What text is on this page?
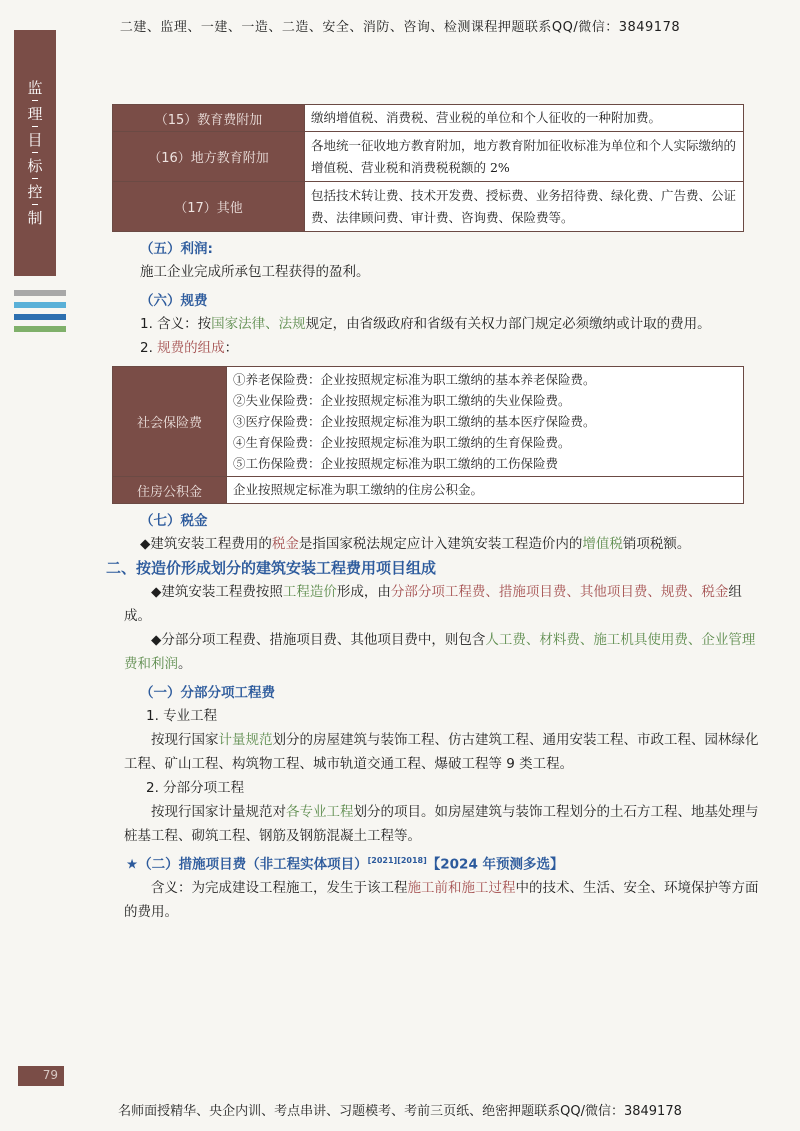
二建、监理、一建、一造、二造、安全、消防、咨询、检测课程押题联系QQ/微信：3849178
监
理
目
标
控
制
（15）教育费附加	缴纳增值税、消费税、营业税的单位和个人征收的一种附加费。
（16）地方教育附加	各地统一征收地方教育附加，地方教育附加征收标准为单位和个人实际缴纳的增值税、营业税和消费税税额的 2%
（17）其他	包括技术转让费、技术开发费、授标费、业务招待费、绿化费、广告费、公证费、法律顾问费、审计费、咨询费、保险费等。
（五）利润:
施工企业完成所承包工程获得的盈利。
（六）规费
1. 含义：按国家法律、法规规定，由省级政府和省级有关权力部门规定必须缴纳或计取的费用。
2. 规费的组成：
社会保险费	①养老保险费：企业按照规定标准为职工缴纳的基本养老保险费。
②失业保险费：企业按照规定标准为职工缴纳的失业保险费。
③医疗保险费：企业按照规定标准为职工缴纳的基本医疗保险费。
④生育保险费：企业按照规定标准为职工缴纳的生育保险费。
⑤工伤保险费：企业按照规定标准为职工缴纳的工伤保险费

住房公积金	企业按照规定标准为职工缴纳的住房公积金。
（七）税金
◆建筑安装工程费用的税金是指国家税法规定应计入建筑安装工程造价内的增值税销项税额。
二、按造价形成划分的建筑安装工程费用项目组成
◆建筑安装工程费按照工程造价形成，由分部分项工程费、措施项目费、其他项目费、规费、税金组成。
◆分部分项工程费、措施项目费、其他项目费中，则包含人工费、材料费、施工机具使用费、企业管理费和利润。
（一）分部分项工程费
1. 专业工程
按现行国家计量规范划分的房屋建筑与装饰工程、仿古建筑工程、通用安装工程、市政工程、园林绿化工程、矿山工程、构筑物工程、城市轨道交通工程、爆破工程等 9 类工程。
2. 分部分项工程
按现行国家计量规范对各专业工程划分的项目。如房屋建筑与装饰工程划分的土石方工程、地基处理与桩基工程、砌筑工程、钢筋及钢筋混凝土工程等。
★（二）措施项目费（非工程实体项目）[2021][2018]【2024 年预测多选】
含义：为完成建设工程施工，发生于该工程施工前和施工过程中的技术、生活、安全、环境保护等方面的费用。
79
名师面授精华、央企内训、考点串讲、习题模考、考前三页纸、绝密押题联系QQ/微信：3849178
